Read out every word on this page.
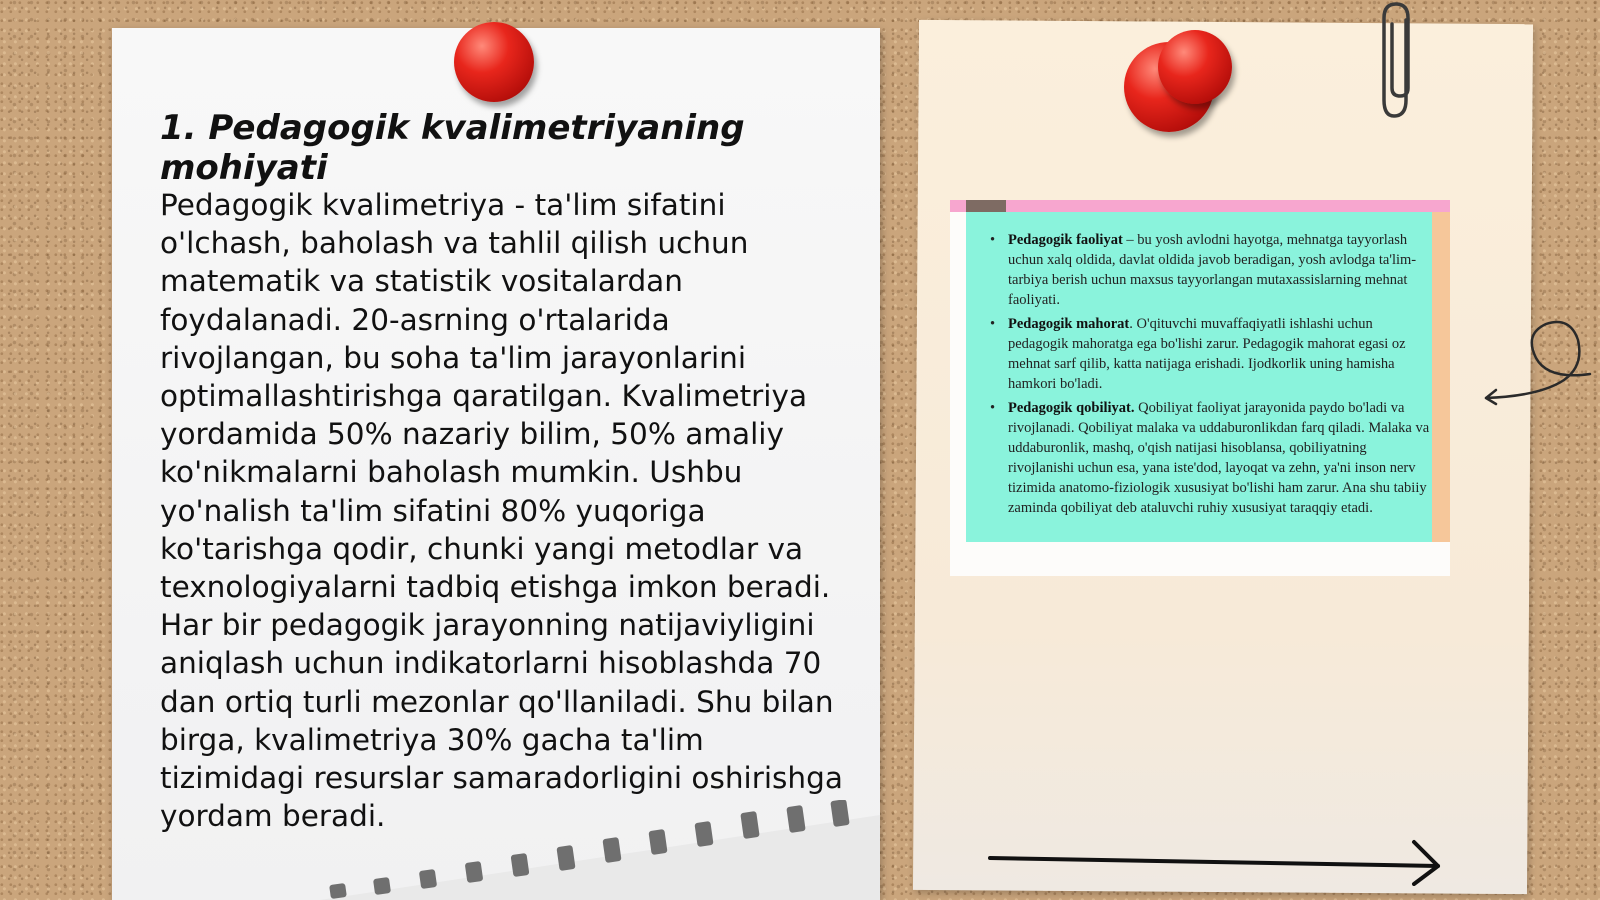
1. Pedagogik kvalimetriyaning mohiyati

Pedagogik kvalimetriya - ta'lim sifatini o'lchash, baholash va tahlil qilish uchun matematik va statistik vositalardan foydalanadi. 20-asrning o'rtalarida rivojlangan, bu soha ta'lim jarayonlarini optimallashtirishga qaratilgan. Kvalimetriya yordamida 50% nazariy bilim, 50% amaliy ko'nikmalarni baholash mumkin. Ushbu yo'nalish ta'lim sifatini 80% yuqoriga ko'tarishga qodir, chunki yangi metodlar va texnologiyalarni tadbiq etishga imkon beradi. Har bir pedagogik jarayonning natijaviyligini aniqlash uchun indikatorlarni hisoblashda 70 dan ortiq turli mezonlar qo'llaniladi. Shu bilan birga, kvalimetriya 30% gacha ta'lim tizimidagi resurslar samaradorligini oshirishga yordam beradi.

• Pedagogik faoliyat – bu yosh avlodni hayotga, mehnatga tayyorlash uchun xalq oldida, davlat oldida javob beradigan, yosh avlodga ta'lim-tarbiya berish uchun maxsus tayyorlangan mutaxassislarning mehnat faoliyati.
• Pedagogik mahorat. O'qituvchi muvaffaqiyatli ishlashi uchun pedagogik mahoratga ega bo'lishi zarur. Pedagogik mahorat egasi oz mehnat sarf qilib, katta natijaga erishadi. Ijodkorlik uning hamisha hamkori bo'ladi.
• Pedagogik qobiliyat. Qobiliyat faoliyat jarayonida paydo bo'ladi va rivojlanadi. Qobiliyat malaka va uddaburonlikdan farq qiladi. Malaka va uddaburonlik, mashq, o'qish natijasi hisoblansa, qobiliyatning rivojlanishi uchun esa, yana iste'dod, layoqat va zehn, ya'ni inson nerv tizimida anatomo-fiziologik xususiyat bo'lishi ham zarur. Ana shu tabiiy zaminda qobiliyat deb ataluvchi ruhiy xususiyat taraqqiy etadi.
